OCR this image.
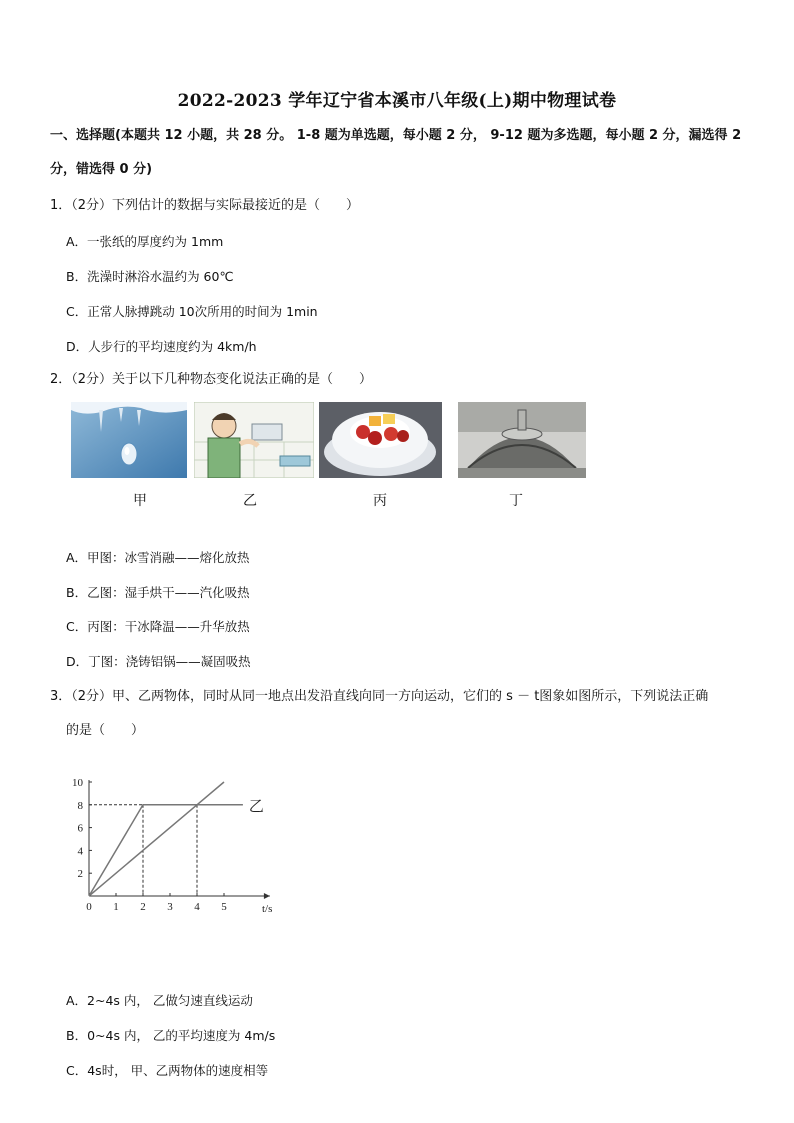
2022-2023 学年辽宁省本溪市八年级(上)期中物理试卷
一、选择题(本题共 12 小题，共 28 分。 1-8 题为单选题，每小题 2 分， 9-12 题为多选题，每小题 2 分，漏选得 2
分，错选得 0 分)
1．（2分）下列估计的数据与实际最接近的是（　　）
A．一张纸的厚度约为 1mm
B．洗澡时淋浴水温约为 60℃
C．正常人脉搏跳动 10次所用的时间为 1min
D．人步行的平均速度约为 4km/h
2．（2分）关于以下几种物态变化说法正确的是（　　）
甲	乙	丙	丁
A．甲图：冰雪消融——熔化放热
B．乙图：湿手烘干——汽化吸热
C．丙图：干冰降温——升华放热
D．丁图：浇铸铝锅——凝固吸热
3．（2分）甲、乙两物体，同时从同一地点出发沿直线向同一方向运动，它们的 s － t图象如图所示，下列说法正确
的是（　　）
0 1 2 3 4 5
2
4
6
8
10
t/s
乙
A．2~4s 内， 乙做匀速直线运动
B．0~4s 内， 乙的平均速度为 4m/s
C．4s时， 甲、乙两物体的速度相等
